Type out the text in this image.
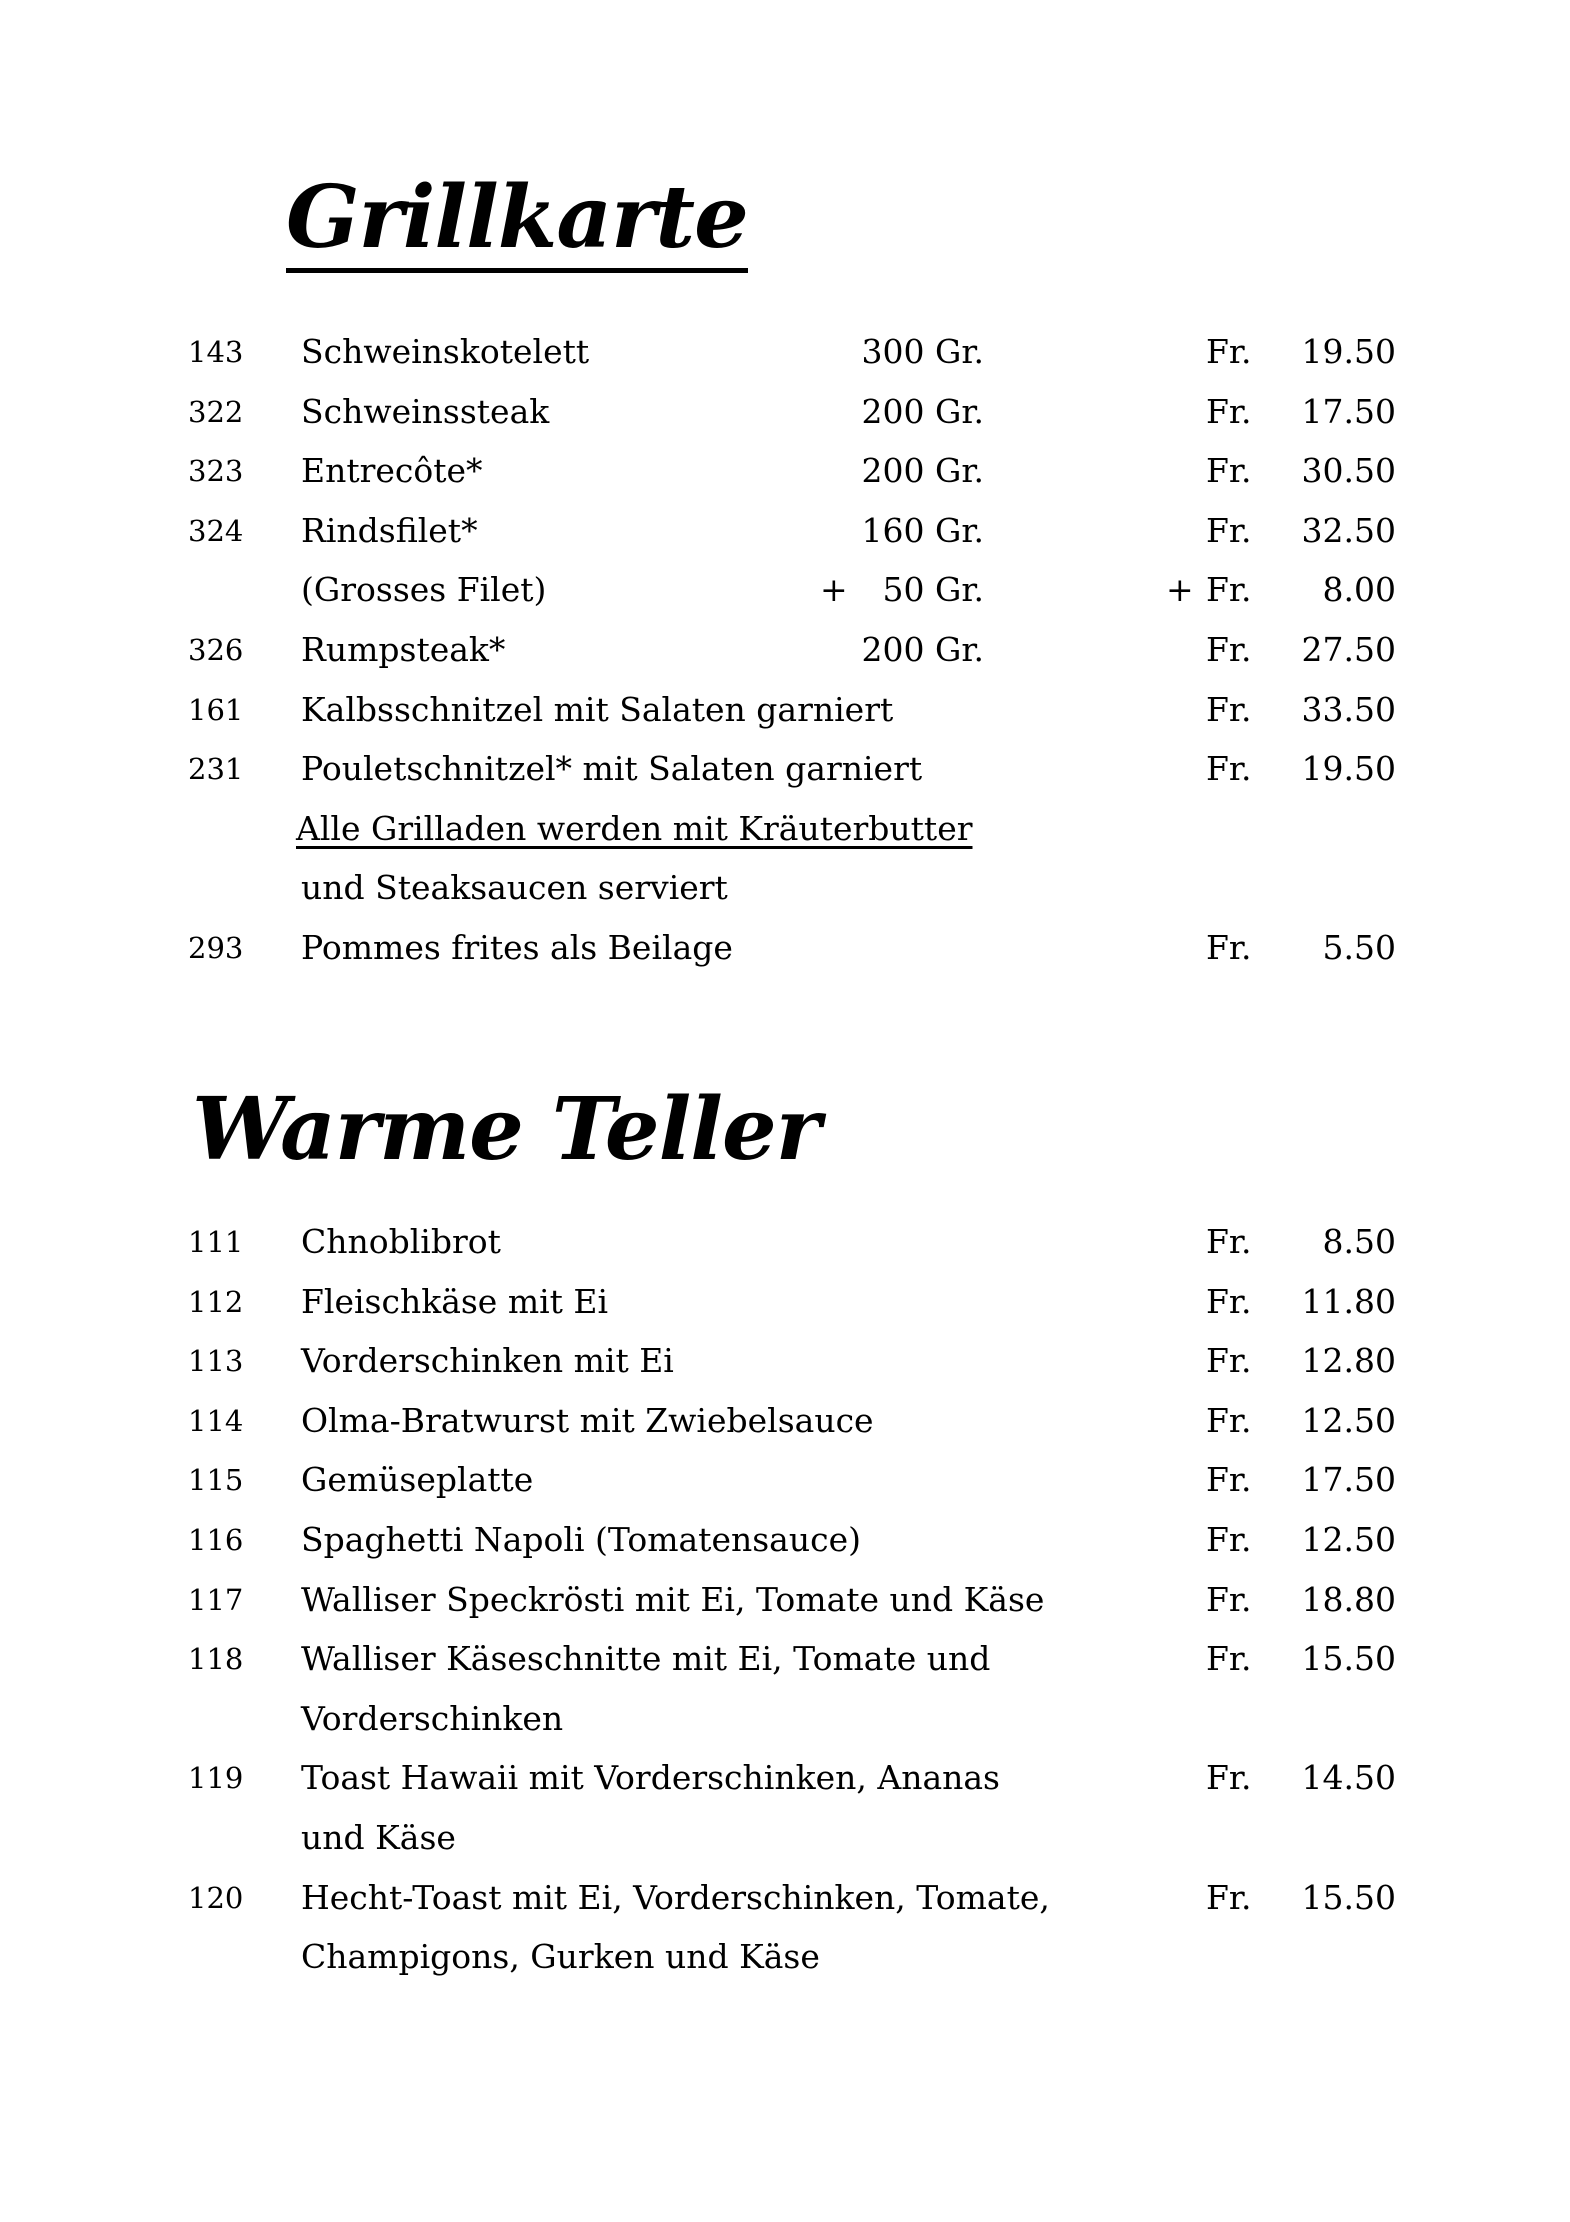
Grillkarte
143 Schweinskotelett	300 Gr.	Fr. 19.50
322 Schweinssteak	200 Gr.	Fr. 17.50
323 Entrecôte*	200 Gr.	Fr. 30.50
324 Rindsfilet*	160 Gr.	Fr. 32.50
(Grosses Filet)	+ 50 Gr.	+ Fr. 8.00
326 Rumpsteak*	200 Gr.	Fr. 27.50
161 Kalbsschnitzel mit Salaten garniert	Fr. 33.50
231 Pouletschnitzel* mit Salaten garniert	Fr. 19.50
Alle Grilladen werden mit Kräuterbutter
und Steaksaucen serviert
293 Pommes frites als Beilage	Fr. 5.50
Warme Teller
111 Chnoblibrot	Fr. 8.50
112 Fleischkäse mit Ei	Fr. 11.80
113 Vorderschinken mit Ei	Fr. 12.80
114 Olma-Bratwurst mit Zwiebelsauce	Fr. 12.50
115 Gemüseplatte	Fr. 17.50
116 Spaghetti Napoli (Tomatensauce)	Fr. 12.50
117 Walliser Speckrösti mit Ei, Tomate und Käse	Fr. 18.80
118 Walliser Käseschnitte mit Ei, Tomate und	Fr. 15.50
Vorderschinken
119 Toast Hawaii mit Vorderschinken, Ananas	Fr. 14.50
und Käse
120 Hecht-Toast mit Ei, Vorderschinken, Tomate,	Fr. 15.50
Champigons, Gurken und Käse
